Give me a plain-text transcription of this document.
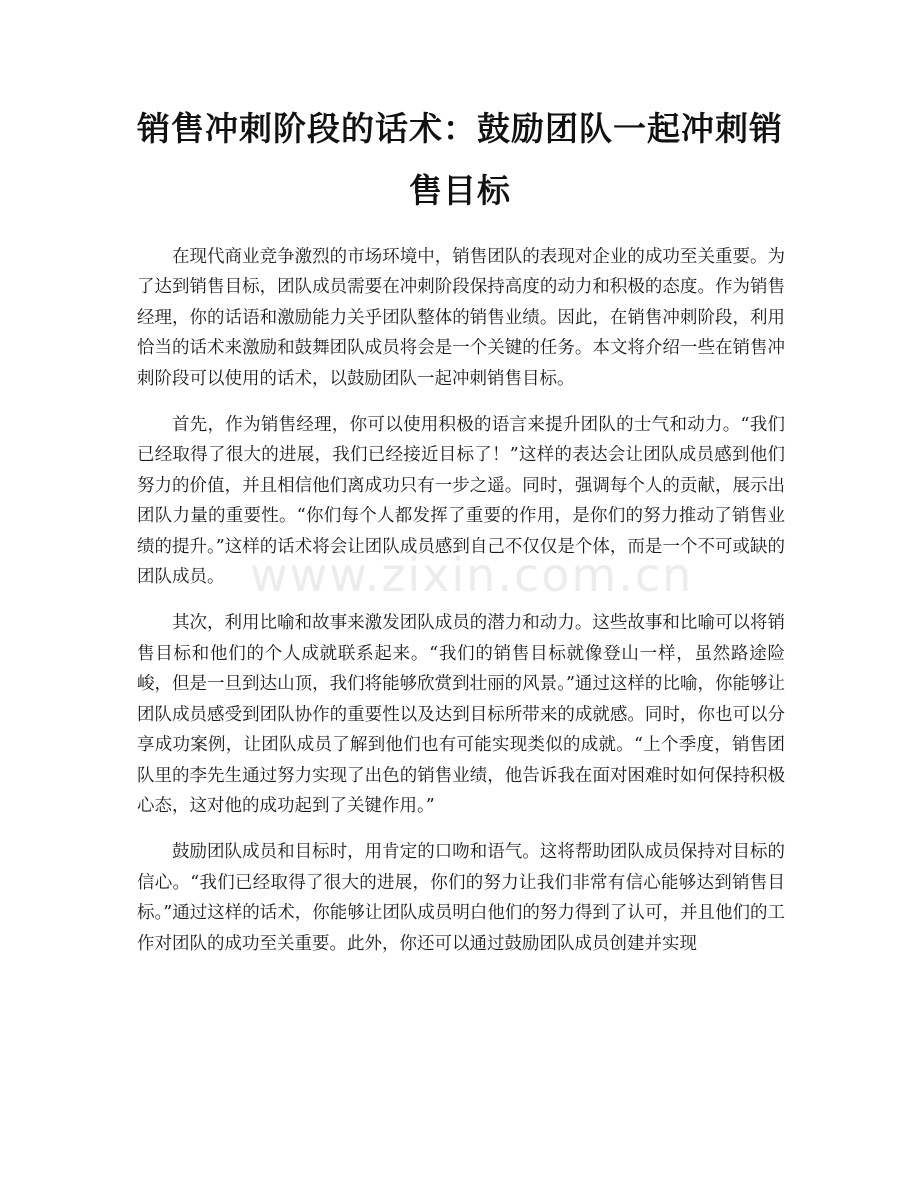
www.zixin.com.cn
销售冲刺阶段的话术：鼓励团队一起冲刺销售目标

在现代商业竞争激烈的市场环境中，销售团队的表现对企业的成功至关重要。为了达到销售目标，团队成员需要在冲刺阶段保持高度的动力和积极的态度。作为销售经理，你的话语和激励能力关乎团队整体的销售业绩。因此，在销售冲刺阶段，利用恰当的话术来激励和鼓舞团队成员将会是一个关键的任务。本文将介绍一些在销售冲刺阶段可以使用的话术，以鼓励团队一起冲刺销售目标。

首先，作为销售经理，你可以使用积极的语言来提升团队的士气和动力。“我们已经取得了很大的进展，我们已经接近目标了！”这样的表达会让团队成员感到他们努力的价值，并且相信他们离成功只有一步之遥。同时，强调每个人的贡献，展示出团队力量的重要性。“你们每个人都发挥了重要的作用，是你们的努力推动了销售业绩的提升。”这样的话术将会让团队成员感到自己不仅仅是个体，而是一个不可或缺的团队成员。

其次，利用比喻和故事来激发团队成员的潜力和动力。这些故事和比喻可以将销售目标和他们的个人成就联系起来。“我们的销售目标就像登山一样，虽然路途险峻，但是一旦到达山顶，我们将能够欣赏到壮丽的风景。”通过这样的比喻，你能够让团队成员感受到团队协作的重要性以及达到目标所带来的成就感。同时，你也可以分享成功案例，让团队成员了解到他们也有可能实现类似的成就。“上个季度，销售团队里的李先生通过努力实现了出色的销售业绩，他告诉我在面对困难时如何保持积极心态，这对他的成功起到了关键作用。”

鼓励团队成员和目标时，用肯定的口吻和语气。这将帮助团队成员保持对目标的信心。“我们已经取得了很大的进展，你们的努力让我们非常有信心能够达到销售目标。”通过这样的话术，你能够让团队成员明白他们的努力得到了认可，并且他们的工作对团队的成功至关重要。此外，你还可以通过鼓励团队成员创建并实现
